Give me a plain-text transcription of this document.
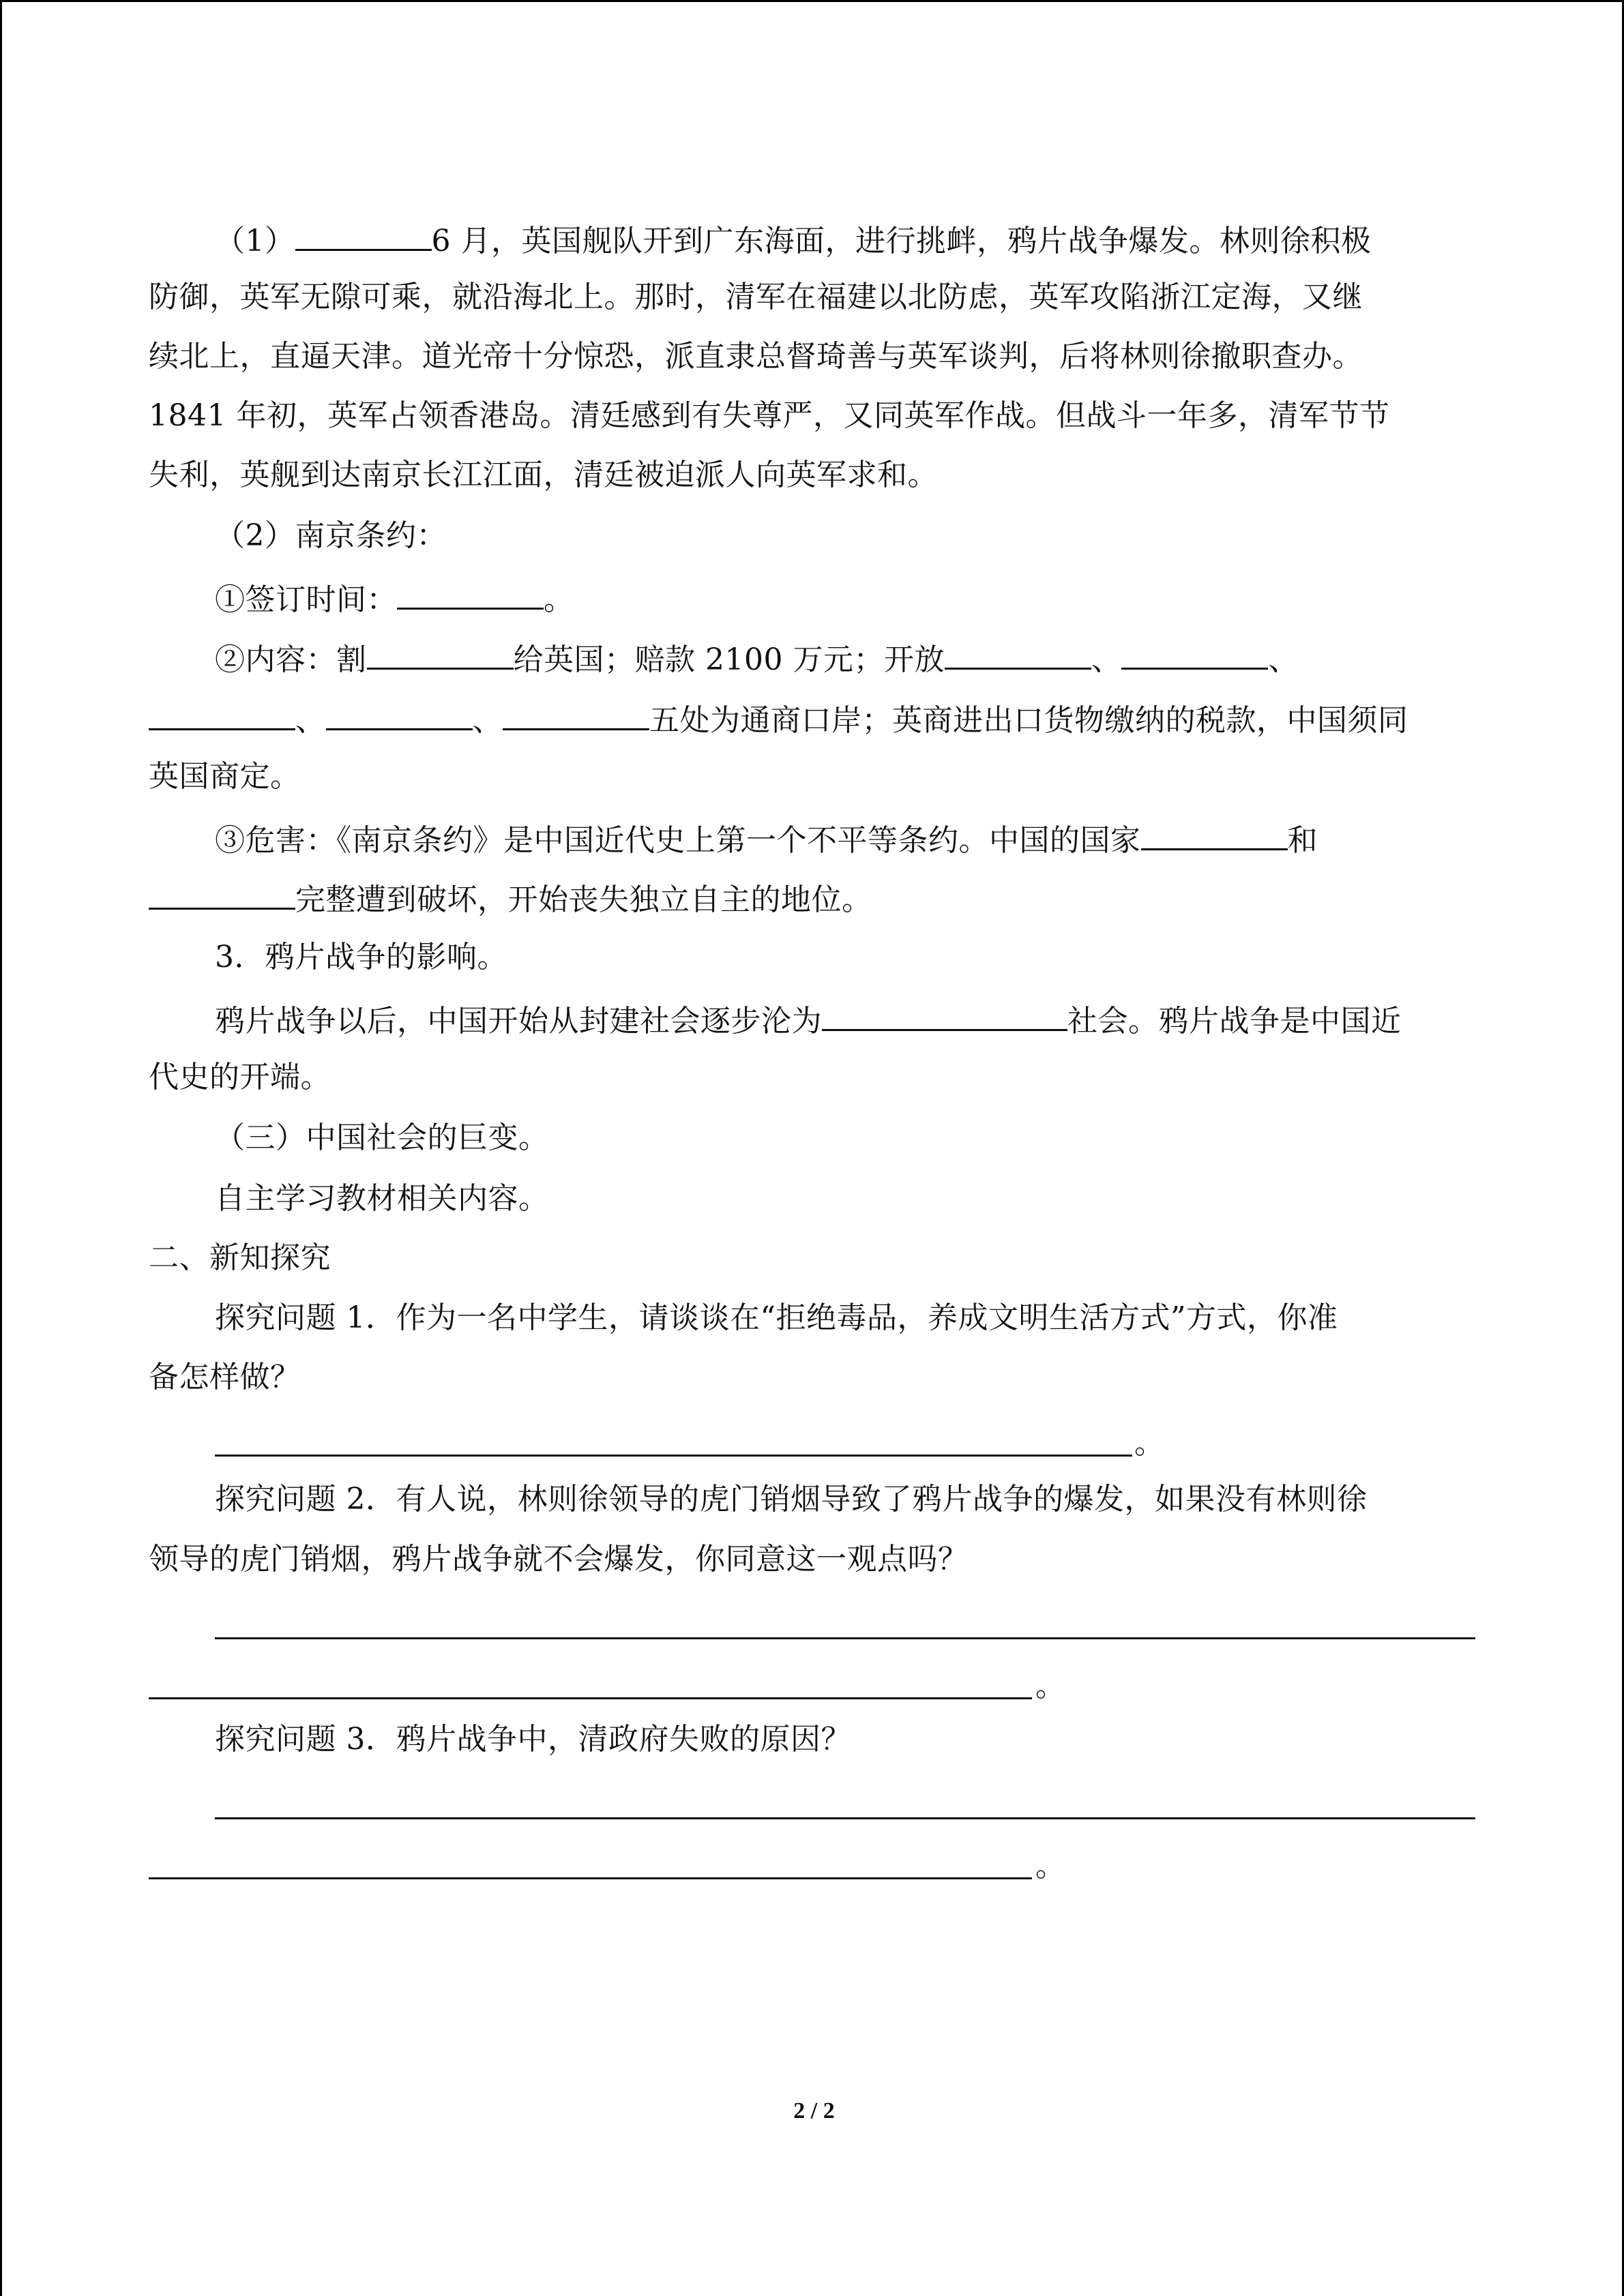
（1）	6 月，英国舰队开到广东海面，进行挑衅，鸦片战争爆发。林则徐积极
防御，英军无隙可乘，就沿海北上。那时，清军在福建以北防虑，英军攻陷浙江定海，又继
续北上，直逼天津。道光帝十分惊恐，派直隶总督琦善与英军谈判，后将林则徐撤职查办。
1841 年初，英军占领香港岛。清廷感到有失尊严，又同英军作战。但战斗一年多，清军节节
失利，英舰到达南京长江江面，清廷被迫派人向英军求和。
（2）南京条约：
①签订时间：	。
②内容：割	给英国；赔款 2100 万元；开放	、	、
、	、	五处为通商口岸；英商进出口货物缴纳的税款，中国须同
英国商定。
③危害：《南京条约》是中国近代史上第一个不平等条约。中国的国家	和
完整遭到破坏，开始丧失独立自主的地位。
3．鸦片战争的影响。
鸦片战争以后，中国开始从封建社会逐步沦为	社会。鸦片战争是中国近
代史的开端。
（三）中国社会的巨变。
自主学习教材相关内容。
二、新知探究
探究问题 1．作为一名中学生，请谈谈在“拒绝毒品，养成文明生活方式”方式，你准
备怎样做？
。
探究问题 2．有人说，林则徐领导的虎门销烟导致了鸦片战争的爆发，如果没有林则徐
领导的虎门销烟，鸦片战争就不会爆发，你同意这一观点吗？
。
探究问题 3．鸦片战争中，清政府失败的原因？
。
2 / 2
